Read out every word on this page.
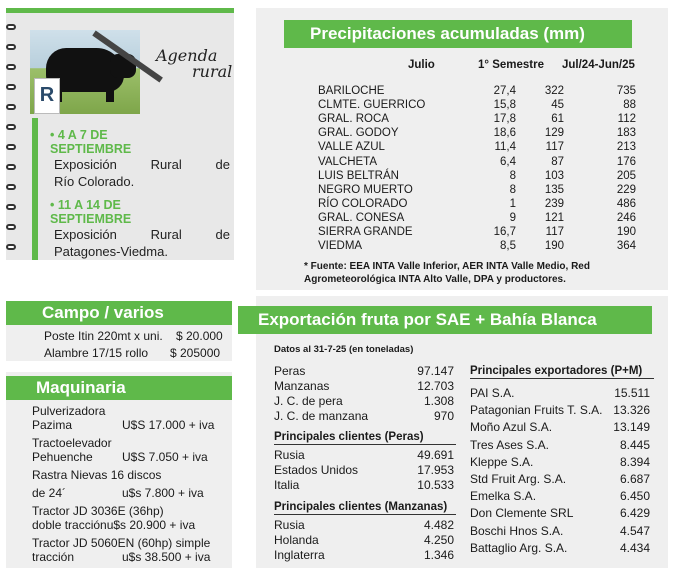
R
Agenda
rural
• 4 A 7 DE
SEPTIEMBRE
Exposición Rural de
Río Colorado.
• 11 A 14 DE
SEPTIEMBRE
Exposición Rural de
Patagones-Viedma.
Precipitaciones acumuladas (mm)
Julio	1° Semestre Jul/24-Jun/25
BARILOCHE	27,4	322	735
CLMTE. GUERRICO	15,8	45	88
GRAL. ROCA	17,8	61	112
GRAL. GODOY	18,6	129	183
VALLE AZUL	11,4	117	213
VALCHETA	6,4	87	176
LUIS BELTRÁN	8	103	205
NEGRO MUERTO	8	135	229
RÍO COLORADO	1	239	486
GRAL. CONESA	9	121	246
SIERRA GRANDE	16,7	117	190
VIEDMA	8,5	190	364
* Fuente: EEA INTA Valle Inferior, AER INTA Valle Medio, Red
Agrometeorológica INTA Alto Valle, DPA y productores.
Campo / varios
Poste Itin 220mt x uni. $ 20.000
Alambre 17/15 rollo $ 205000
Maquinaria
Pulverizadora
Pazima	U$S 17.000 + iva
Tractoelevador
Pehuenche U$S 7.050 + iva
Rastra Nievas 16 discos
de 24´	u$s 7.800 + iva
Tractor JD 3036E (36hp)
doble tracciónu$s 20.900 + iva
Tractor JD 5060EN (60hp) simple
tracción	u$s 38.500 + iva
Exportación fruta por SAE + Bahía Blanca
Datos al 31-7-25 (en toneladas)
Peras	97.147
Manzanas	12.703
J. C. de pera	1.308
J. C. de manzana	970
Principales clientes (Peras)
Rusia	49.691
Estados Unidos	17.953
Italia	10.533
Principales clientes (Manzanas)
Rusia	4.482
Holanda	4.250
Inglaterra	1.346
Principales exportadores (P+M)
PAI S.A.	15.511
Patagonian Fruits T. S.A. 13.326
Moño Azul S.A.	13.149
Tres Ases S.A.	8.445
Kleppe S.A.	8.394
Std Fruit Arg. S.A.	6.687
Emelka S.A.	6.450
Don Clemente SRL	6.429
Boschi Hnos S.A.	4.547
Battaglio Arg. S.A.	4.434
